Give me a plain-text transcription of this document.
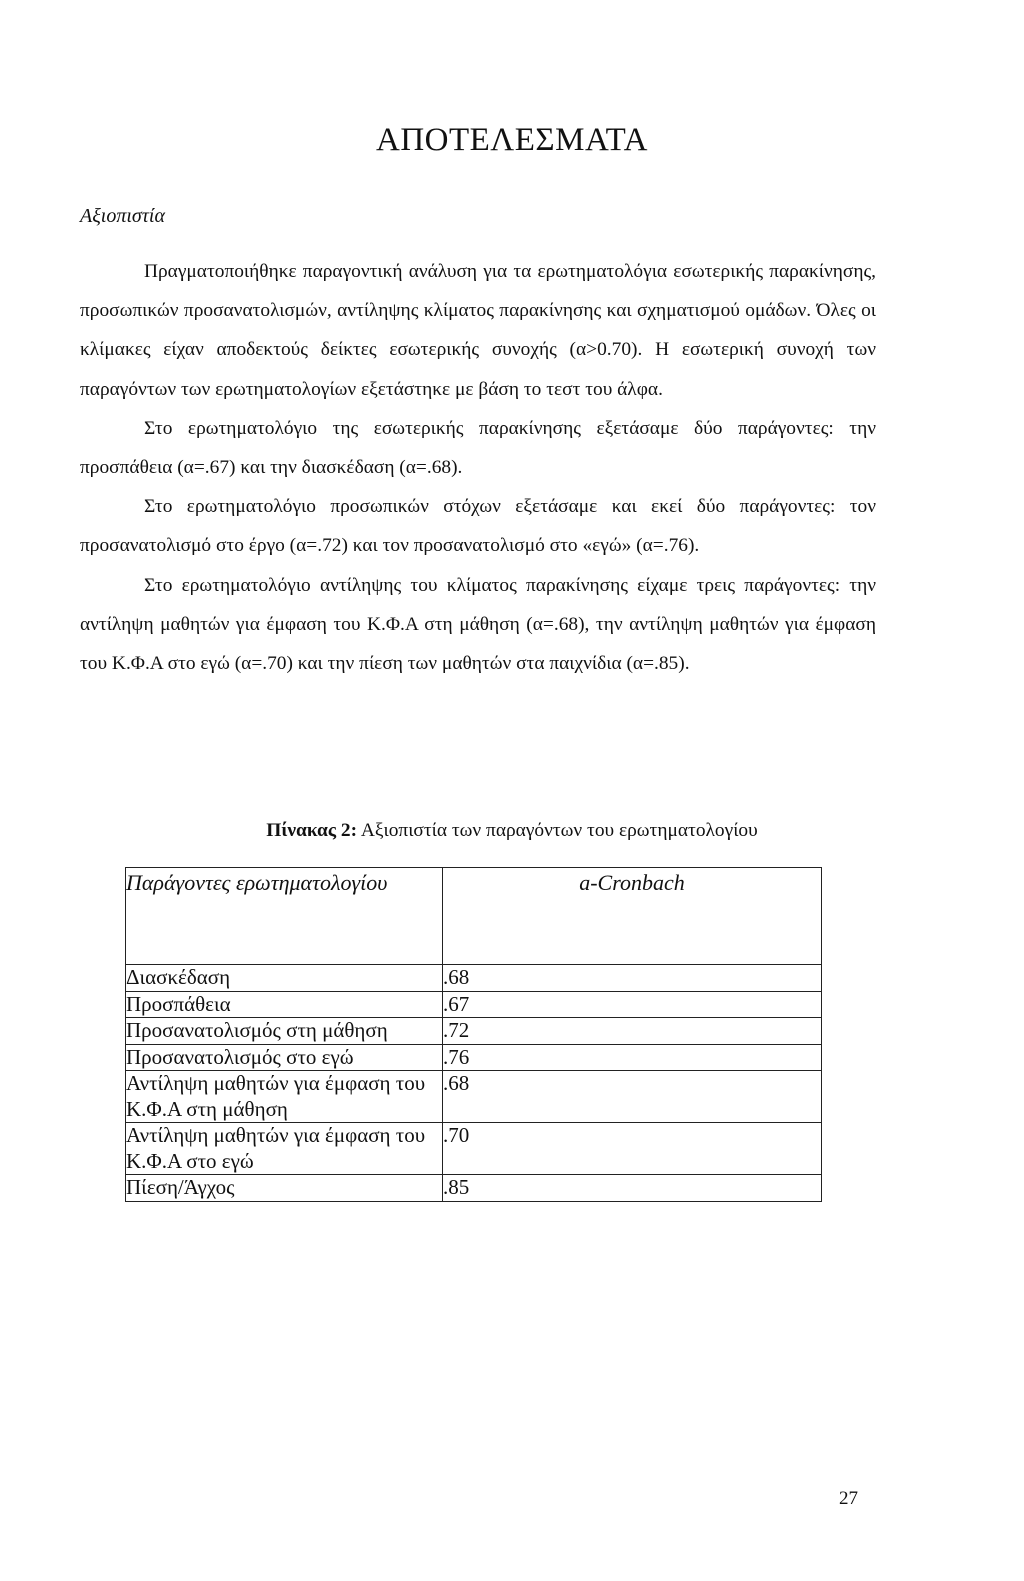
ΑΠΟΤΕΛΕΣΜΑΤΑ
Αξιοπιστία

Πραγματοποιήθηκε παραγοντική ανάλυση για τα ερωτηματολόγια εσωτερικής παρακίνησης, προσωπικών προσανατολισμών, αντίληψης κλίματος παρακίνησης και σχηματισμού ομάδων. Όλες οι κλίμακες είχαν αποδεκτούς δείκτες εσωτερικής συνοχής (α>0.70). Η εσωτερική συνοχή των παραγόντων των ερωτηματολογίων εξετάστηκε με βάση το τεστ του άλφα.

Στο ερωτηματολόγιο της εσωτερικής παρακίνησης εξετάσαμε δύο παράγοντες: την προσπάθεια (α=.67) και την διασκέδαση (α=.68).

Στο ερωτηματολόγιο προσωπικών στόχων εξετάσαμε και εκεί δύο παράγοντες: τον προσανατολισμό στο έργο (α=.72) και τον προσανατολισμό στο «εγώ» (α=.76).

Στο ερωτηματολόγιο αντίληψης του κλίματος παρακίνησης είχαμε τρεις παράγοντες: την αντίληψη μαθητών για έμφαση του Κ.Φ.Α στη μάθηση (α=.68), την αντίληψη μαθητών για έμφαση του Κ.Φ.Α στο εγώ (α=.70) και την πίεση των μαθητών στα παιχνίδια (α=.85).

Πίνακας 2: Αξιοπιστία των παραγόντων του ερωτηματολογίου

Παράγοντες ερωτηματολογίου	a-Cronbach
Διασκέδαση	.68
Προσπάθεια	.67
Προσανατολισμός στη μάθηση	.72
Προσανατολισμός στο εγώ	.76
Αντίληψη μαθητών για έμφαση του Κ.Φ.Α στη μάθηση	.68
Αντίληψη μαθητών για έμφαση του Κ.Φ.Α στο εγώ	.70
Πίεση/Άγχος	.85
27
